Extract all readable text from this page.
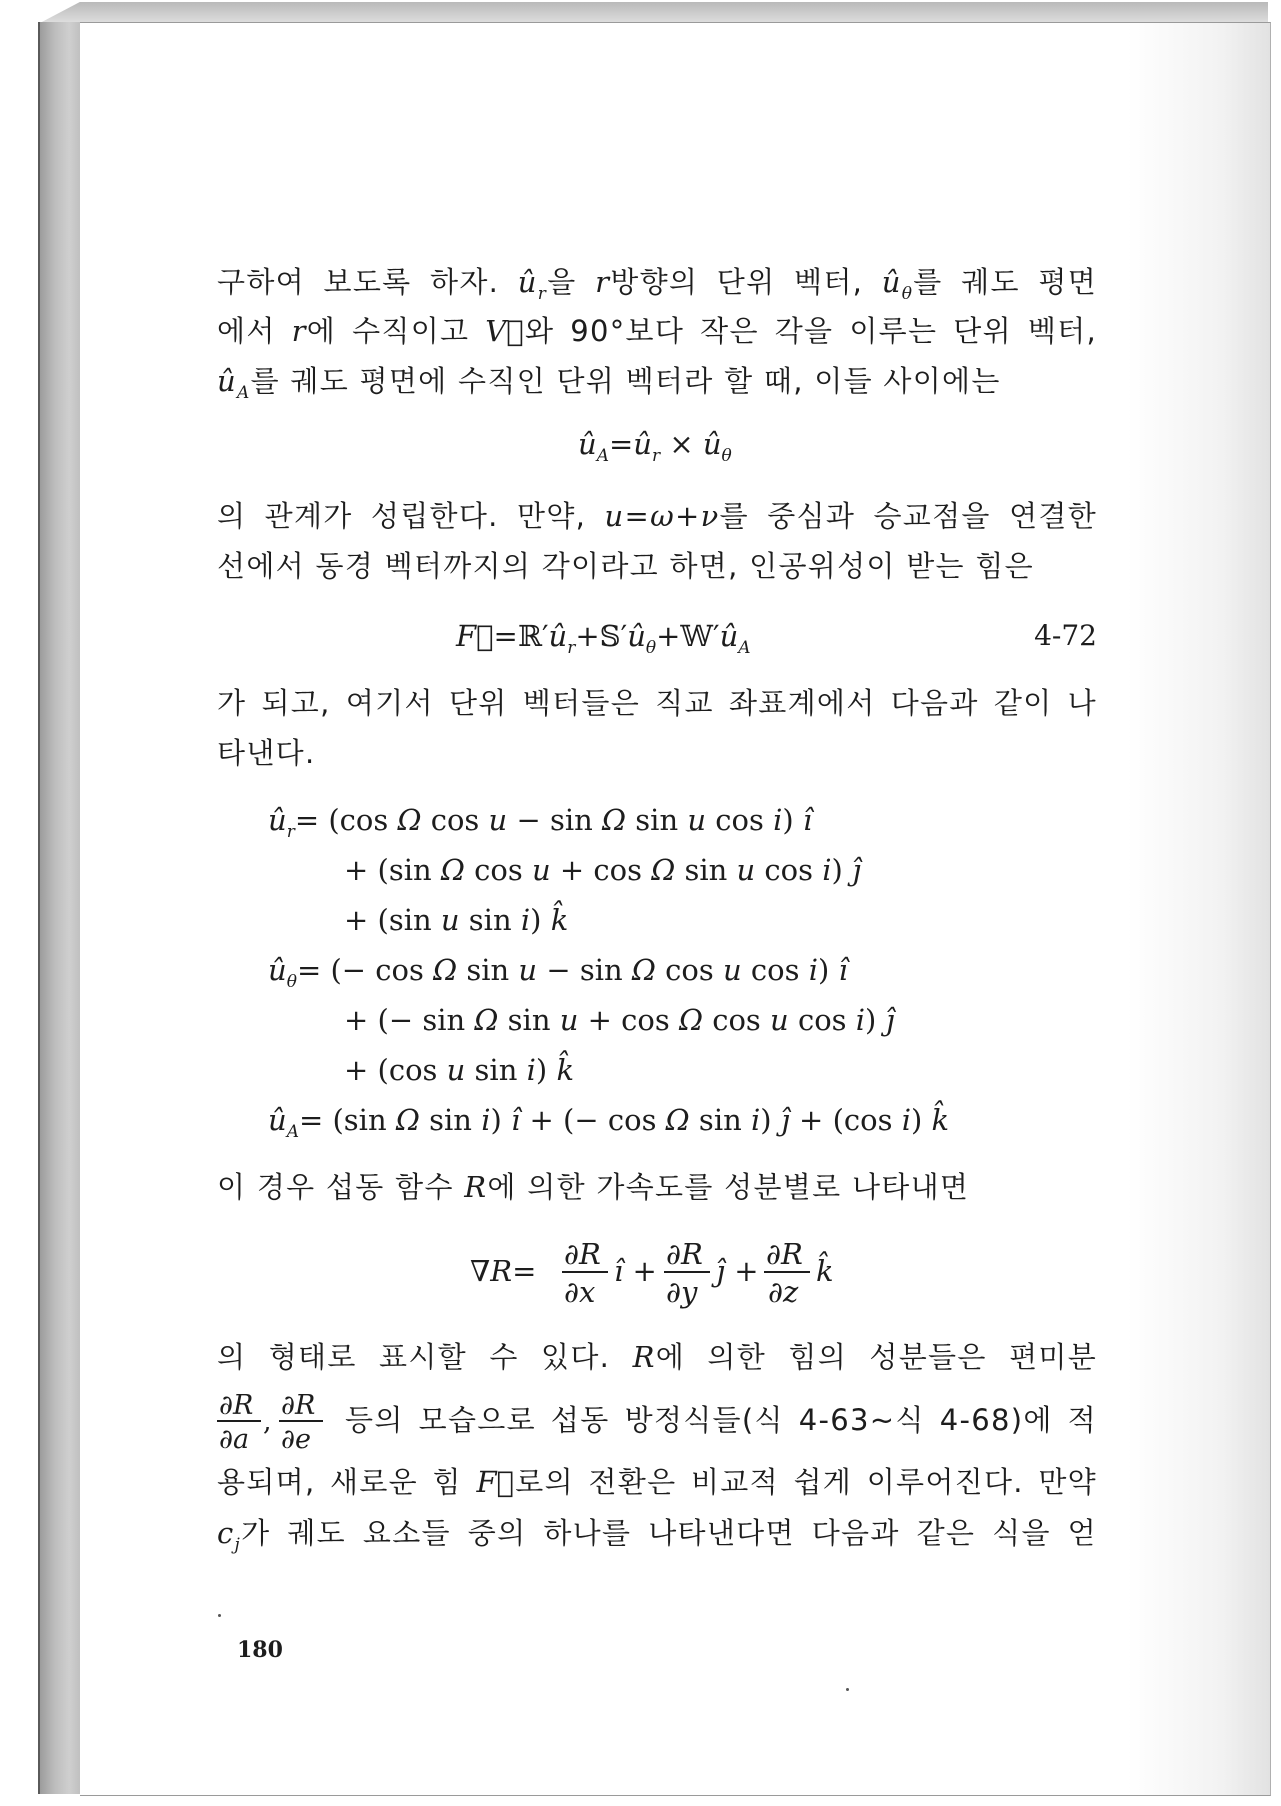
구하여 보도록 하자. $û_r$을 r방향의 단위 벡터, $û_\theta$를 궤도 평면
에서 r에 수직이고 V⃗와 90°보다 작은 각을 이루는 단위 벡터,
$û_A$를 궤도 평면에 수직인 단위 벡터라 할 때, 이들 사이에는
$û_A=û_r$ × $û_\theta$
의 관계가 성립한다. 만약, u=ω+ν를 중심과 승교점을 연결한
선에서 동경 벡터까지의 각이라고 하면, 인공위성이 받는 힘은
$F⃗=ℝ'û_r+𝕊'û_\theta+𝕎'û_A$	4-72
가 되고, 여기서 단위 벡터들은 직교 좌표계에서 다음과 같이 나
타낸다.
$û_r= (\cos$ Ω cos u − sin Ω sin u cos i) î
+ (sin Ω cos u + cos Ω sin u cos i) ĵ
+ (sin u sin i) k̂
$û_\theta=$ (− cos Ω sin u − sin Ω cos u cos i) î
+ (− sin Ω sin u + cos Ω cos u cos i) ĵ
+ (cos u sin i) k̂
$û_A= (\sin$ Ω sin i) î + (− cos Ω sin i) ĵ + (cos i) k̂
이 경우 섭동 함수 R에 의한 가속도를 성분별로 나타내면
∇R= ∂R
∂x
î + ∂R
∂y
ĵ + ∂R
∂z
k̂
의 형태로 표시할 수 있다. R에 의한 힘의 성분들은 편미분
∂R
∂a
,
∂R
∂e
등의 모습으로 섭동 방정식들(식 4-63~식 4-68)에 적
용되며, 새로운 힘 F⃗로의 전환은 비교적 쉽게 이루어진다. 만약
$c_j$가 궤도 요소들 중의 하나를 나타낸다면 다음과 같은 식을 얻
180
